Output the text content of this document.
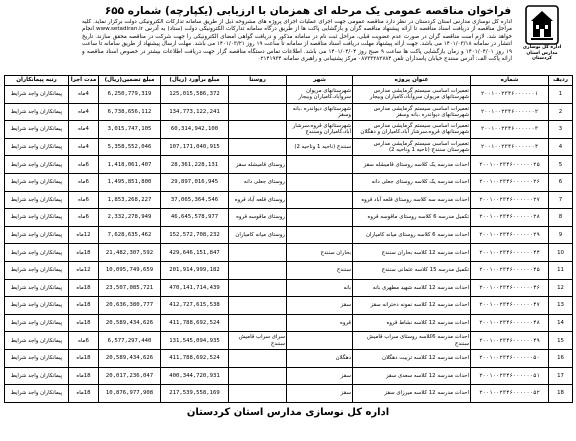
اداره کل نوسازی مدارس استان کردستان
فراخوان مناقصه عمومی یک مرحله ای همزمان با ارزیابی (یکپارچه) شماره ۶۵۵
اداره کل نوسازی مدارس استان کردستان در نظر دارد مناقصه عمومی جهت اجرای عملیات اجرای پروژه های مشروحه ذیل از طریق سامانه تدارکات الکترونیکی دولت برگزار نماید. کلیه مراحل مناقصه از دریافت اسناد مناقصه تا ارائه پیشنهاد مناقصه گران و بازگشایی پاکت ها از طریق درگاه سامانه تدارکات الکترونیکی دولت (ستاد) به آدرس www.setadiran.ir انجام خواهد شد. لازم است مناقصه گران در صورت عدم عضویت قبلی، مراحل ثبت نام در سامانه مذکور و دریافت گواهی امضای الکترونیکی را جهت شرکت در مناقصه محقق سازند. تاریخ انتشار در سامانه ۱۴۰۱/۰۳/۱۸ می باشد. جهت ارائه پیشنهاد مهلت دریافت اسناد مناقصه از سامانه تا ساعت ۱۹ روز ۱۴۰۱/۰۳/۲۱ می باشد. مهلت ارسال پیشنهاد از طریق سامانه تا ساعت ۱۹ روز ۱۴۰۱/۰۴/۰۱ و زمان بازگشایی پاکت ها ساعت ۹ صبح روز ۱۴۰۱/۰۴/۰۴ می باشد. اطلاعات تماس دستگاه مناقصه گزار جهت دریافت اطلاعات بیشتر در خصوص اسناد مناقصه و ارائه پاکت الف: آدرس سنندج خیابان پاسداران تلفن ۰۸۷۳۳۲۸۲۷۸۴ مرکز پشتیبانی و راهبری سامانه ۰۲۱۴۱۹۳۴
ردیف	شماره	عنوان پروژه	شهر	روستا	مبلغ برآورد (ریال)	مبلغ تضمین(ریال)	مدت اجرا	رتبه پیمانکاران
1	۲۰۰۱۰۰۲۳۴۶۰۰۰۰۰۰۱	تعمیرات اساسی سیستم گرمایشی مدارس شهرستانهای مریوان سروآباد،کامیاران وبیجار	شهرستانهای مریوان سروآباد،کامیاران وبیجار		125,015,586,372	6,250,779,319	4ماه	پیمانکاران واجد شرایط
2	۲۰۰۱۰۰۲۳۴۶۰۰۰۰۰۰۲	تعمیرات اساسی سیستم گرمایشی مدارس شهرستانهای دیواندره ،بانه وسقز	شهرستانهای دیواندره ،بانه وسقز		134,773,122,241	6,738,656,112	4ماه	پیمانکاران واجد شرایط
3	۲۰۰۱۰۰۲۳۴۶۰۰۰۰۰۰۳	تعمیرات اساسی سیستم گرمایشی مدارس شهرستانهای قروه،سرشار آباد،کامیاران و دهگلان	شهرستانهای قروه،سرشار آباد،کامیاران وسنندج		60,314,942,100	3,015,747,105	4ماه	پیمانکاران واجد شرایط
4	۲۰۰۱۰۰۲۳۴۶۰۰۰۰۰۰۴	تعمیرات اساسی سیستم گرمایشی مدارس شهرستان سنندج (ناحیه 1 وناحیه 2)	سنندج (ناحیه 1 وناحیه 2)		107,171,040,915	5,358,552,046	4ماه	پیمانکاران واجد شرایط
5	۲۰۰۱۰۰۲۳۴۶۰۰۰۰۰۰۲۵	احداث مدرسه یک کلاسه روستای قامیشله سقز		روستای قامیشله سقز	28,361,228,131	1,418,061,407	6ماه	پیمانکاران واجد شرایط
6	۲۰۰۱۰۰۲۳۴۶۰۰۰۰۰۰۲۶	احداث مدرسه یک کلاسه روستای جعلی دانه		روستای جعلی دانه	29,897,016,945	1,495,851,800	6ماه	پیمانکاران واجد شرایط
7	۲۰۰۱۰۰۲۳۴۶۰۰۰۰۰۰۲۷	احداث مدرسه سه کلاسه روستای قلعه آباد قروه		روستای قلعه آباد قروه	37,065,364,546	1,853,268,227	6ماه	پیمانکاران واجد شرایط
8	۲۰۰۱۰۰۲۳۴۶۰۰۰۰۰۰۲۸	تکمیل مدرسه 6 کلاسه روستای ماقوسه قروه		روستای ماقوسه قروه	46,645,578,977	2,332,278,949	6ماه	پیمانکاران واجد شرایط
9	۲۰۰۱۰۰۲۳۴۶۰۰۰۰۰۰۲۹	احداث مدرسه 6 کلاسه روستای میانه کامیاران		روستای میانه کامیاران	152,572,708,232	7,628,635,462	12ماه	پیمانکاران واجد شرایط
10	۲۰۰۱۰۰۲۳۴۶۰۰۰۰۰۰۴۴	احداث مدرسه 12 کلاسه بحاران سنندج	بحاران سنندج		429,646,151,847	21,482,307,592	18ماه	پیمانکاران واجد شرایط
11	۲۰۰۱۰۰۲۳۴۶۰۰۰۰۰۰۴۵	تکمیل مدرسه 15 کلاسه عثمانی سنندج	سنندج		201,914,999,182	10,095,749,659	12ماه	پیمانکاران واجد شرایط
12	۲۰۰۱۰۰۲۳۴۶۰۰۰۰۰۰۴۶	احداث مدرسه 12 کلاسه شهید مطهری بانه	بانه		470,141,714,439	23,507,085,721	18ماه	پیمانکاران واجد شرایط
13	۲۰۰۱۰۰۲۳۴۶۰۰۰۰۰۰۴۷	احداث مدرسه 12 کلاسه نمونه دخترانه سقز	سقز		412,727,615,538	20,636,380,777	18ماه	پیمانکاران واجد شرایط
14	۲۰۰۱۰۰۲۳۴۶۰۰۰۰۰۰۴۸	احداث مدرسه 12 کلاسه نشاط قروه	قروه		411,788,692,524	20,589,434,626	18ماه	پیمانکاران واجد شرایط
15	۲۰۰۱۰۰۲۳۴۶۰۰۰۰۰۰۴۹	احداث مدرسه 6کلاسه روستای سراب قامیش سنندج		سرای سراب قامیش سنندج	131,545,094,935	6,577,297,440	6ماه	پیمانکاران واجد شرایط
16	۲۰۰۱۰۰۲۳۴۶۰۰۰۰۰۰۵۰	احداث مدرسه 12 کلاسه تربیت دهگلان	دهگلان		411,788,692,524	20,589,434,626	18ماه	پیمانکاران واجد شرایط
17	۲۰۰۱۰۰۲۳۴۶۰۰۰۰۰۰۵۱	احداث مدرسه 12 کلاسه سعدی سقز	سقز		400,344,720,931	20,017,236,047	18ماه	پیمانکاران واجد شرایط
18	۲۰۰۱۰۰۲۳۴۶۰۰۰۰۰۰۵۲	احداث مدرسه 12 کلاسه میرزای سقز	سقز		217,539,558,169	10,876,977,908	18ماه	پیمانکاران واجد شرایط
اداره کل نوسازی مدارس استان کردستان
